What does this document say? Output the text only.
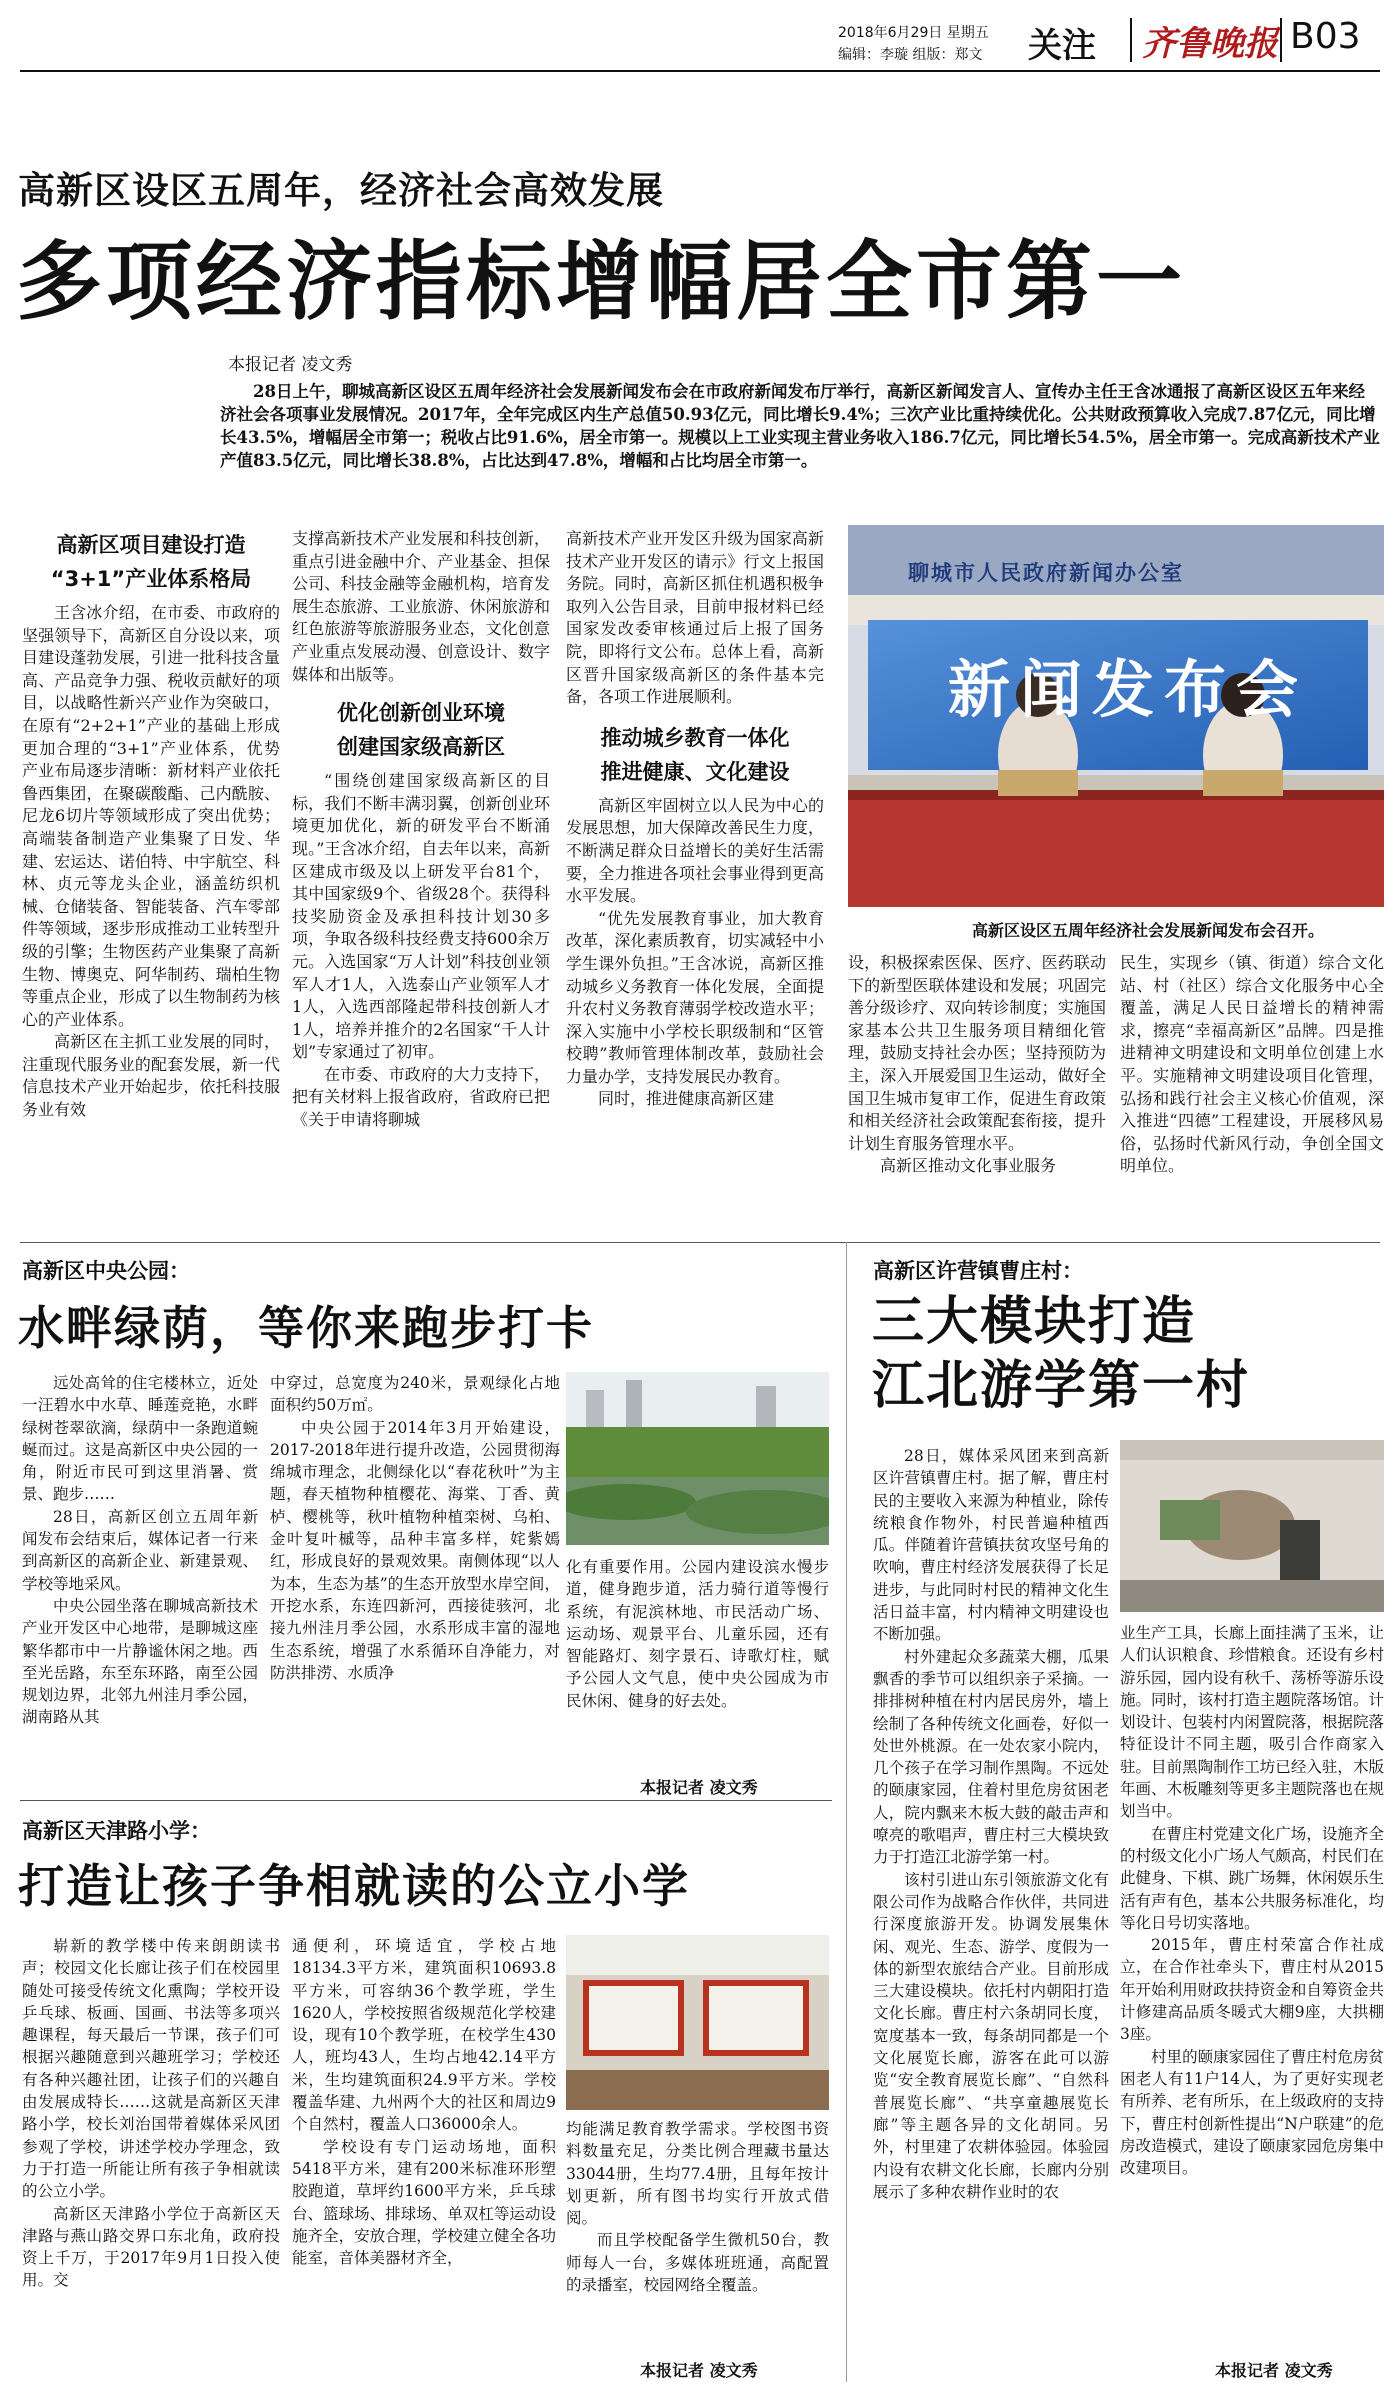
2018年6月29日 星期五
编辑：李璇 组版：郑文 关注 齐鲁晚报 B03
高新区设区五周年，经济社会高效发展
多项经济指标增幅居全市第一
本报记者 凌文秀
28日上午，聊城高新区设区五周年经济社会发展新闻发布会在市政府新闻发布厅举行，高新区新闻发言人、宣传办主任王含冰通报了高新区设区五年来经济社会各项事业发展情况。2017年，全年完成区内生产总值50.93亿元，同比增长9.4%；三次产业比重持续优化。公共财政预算收入完成7.87亿元，同比增长43.5%，增幅居全市第一；税收占比91.6%，居全市第一。规模以上工业实现主营业务收入186.7亿元，同比增长54.5%，居全市第一。完成高新技术产业产值83.5亿元，同比增长38.8%，占比达到47.8%，增幅和占比均居全市第一。
高新区项目建设打造
“3+1”产业体系格局

王含冰介绍，在市委、市政府的坚强领导下，高新区自分设以来，项目建设蓬勃发展，引进一批科技含量高、产品竞争力强、税收贡献好的项目，以战略性新兴产业作为突破口，在原有“2+2+1”产业的基础上形成更加合理的“3+1”产业体系，优势产业布局逐步清晰：新材料产业依托鲁西集团，在聚碳酸酯、己内酰胺、尼龙6切片等领域形成了突出优势；高端装备制造产业集聚了日发、华建、宏运达、诺伯特、中宇航空、科林、贞元等龙头企业，涵盖纺织机械、仓储装备、智能装备、汽车零部件等领域，逐步形成推动工业转型升级的引擎；生物医药产业集聚了高新生物、博奥克、阿华制药、瑞柏生物等重点企业，形成了以生物制药为核心的产业体系。

高新区在主抓工业发展的同时，注重现代服务业的配套发展，新一代信息技术产业开始起步，依托科技服务业有效

支撑高新技术产业发展和科技创新，重点引进金融中介、产业基金、担保公司、科技金融等金融机构，培育发展生态旅游、工业旅游、休闲旅游和红色旅游等旅游服务业态，文化创意产业重点发展动漫、创意设计、数字媒体和出版等。

优化创新创业环境
创建国家级高新区

“围绕创建国家级高新区的目标，我们不断丰满羽翼，创新创业环境更加优化，新的研发平台不断涌现。”王含冰介绍，自去年以来，高新区建成市级及以上研发平台81个，其中国家级9个、省级28个。获得科技奖励资金及承担科技计划30多项，争取各级科技经费支持600余万元。入选国家“万人计划”科技创业领军人才1人，入选泰山产业领军人才1人，入选西部隆起带科技创新人才1人，培养并推介的2名国家“千人计划”专家通过了初审。

在市委、市政府的大力支持下，把有关材料上报省政府，省政府已把《关于申请将聊城

高新技术产业开发区升级为国家高新技术产业开发区的请示》行文上报国务院。同时，高新区抓住机遇积极争取列入公告目录，目前申报材料已经国家发改委审核通过后上报了国务院，即将行文公布。总体上看，高新区晋升国家级高新区的条件基本完备，各项工作进展顺利。

推动城乡教育一体化
推进健康、文化建设

高新区牢固树立以人民为中心的发展思想，加大保障改善民生力度，不断满足群众日益增长的美好生活需要，全力推进各项社会事业得到更高水平发展。

“优先发展教育事业，加大教育改革，深化素质教育，切实减轻中小学生课外负担。”王含冰说，高新区推动城乡义务教育一体化发展，全面提升农村义务教育薄弱学校改造水平；深入实施中小学校长职级制和“区管校聘”教师管理体制改革，鼓励社会力量办学，支持发展民办教育。

同时，推进健康高新区建

聊城市人民政府新闻办公室
新闻发布会
高新区设区五周年经济社会发展新闻发布会召开。

设，积极探索医保、医疗、医药联动下的新型医联体建设和发展；巩固完善分级诊疗、双向转诊制度；实施国家基本公共卫生服务项目精细化管理，鼓励支持社会办医；坚持预防为主，深入开展爱国卫生运动，做好全国卫生城市复审工作，促进生育政策和相关经济社会政策配套衔接，提升计划生育服务管理水平。

高新区推动文化事业服务

民生，实现乡（镇、街道）综合文化站、村（社区）综合文化服务中心全覆盖，满足人民日益增长的精神需求，擦亮“幸福高新区”品牌。四是推进精神文明建设和文明单位创建上水平。实施精神文明建设项目化管理，弘扬和践行社会主义核心价值观，深入推进“四德”工程建设，开展移风易俗，弘扬时代新风行动，争创全国文明单位。

高新区中央公园：
水畔绿荫，等你来跑步打卡

远处高耸的住宅楼林立，近处一汪碧水中水草、睡莲竞艳，水畔绿树苍翠欲滴，绿荫中一条跑道蜿蜒而过。这是高新区中央公园的一角，附近市民可到这里消暑、赏景、跑步……

28日，高新区创立五周年新闻发布会结束后，媒体记者一行来到高新区的高新企业、新建景观、学校等地采风。

中央公园坐落在聊城高新技术产业开发区中心地带，是聊城这座繁华都市中一片静谧休闲之地。西至光岳路，东至东环路，南至公园规划边界，北邻九州洼月季公园，湖南路从其

中穿过，总宽度为240米，景观绿化占地面积约50万㎡。

中央公园于2014年3月开始建设，2017-2018年进行提升改造，公园贯彻海绵城市理念，北侧绿化以“春花秋叶”为主题，春天植物种植樱花、海棠、丁香、黄栌、樱桃等，秋叶植物种植栾树、乌桕、金叶复叶槭等，品种丰富多样，姹紫嫣红，形成良好的景观效果。南侧体现“以人为本，生态为基”的生态开放型水岸空间，开挖水系，东连四新河，西接徒骇河，北接九州洼月季公园，水系形成丰富的湿地生态系统，增强了水系循环自净能力，对防洪排涝、水质净

化有重要作用。公园内建设滨水慢步道，健身跑步道，活力骑行道等慢行系统，有泥滨林地、市民活动广场、运动场、观景平台、儿童乐园，还有智能路灯、刻字景石、诗歌灯柱，赋予公园人文气息，使中央公园成为市民休闲、健身的好去处。

本报记者 凌文秀
高新区天津路小学：
打造让孩子争相就读的公立小学

崭新的教学楼中传来朗朗读书声；校园文化长廊让孩子们在校园里随处可接受传统文化熏陶；学校开设乒乓球、板画、国画、书法等多项兴趣课程，每天最后一节课，孩子们可根据兴趣随意到兴趣班学习；学校还有各种兴趣社团，让孩子们的兴趣自由发展成特长……这就是高新区天津路小学，校长刘治国带着媒体采风团参观了学校，讲述学校办学理念，致力于打造一所能让所有孩子争相就读的公立小学。

高新区天津路小学位于高新区天津路与燕山路交界口东北角，政府投资上千万，于2017年9月1日投入使用。交

通便利，环境适宜，学校占地18134.3平方米，建筑面积10693.8平方米，可容纳36个教学班，学生1620人，学校按照省级规范化学校建设，现有10个教学班，在校学生430人，班均43人，生均占地42.14平方米，生均建筑面积24.9平方米。学校覆盖华建、九州两个大的社区和周边9个自然村，覆盖人口36000余人。

学校设有专门运动场地，面积5418平方米，建有200米标准环形塑胶跑道，草坪约1600平方米，乒乓球台、篮球场、排球场、单双杠等运动设施齐全，安放合理，学校建立健全各功能室，音体美器材齐全，

均能满足教育教学需求。学校图书资料数量充足，分类比例合理藏书量达33044册，生均77.4册，且每年按计划更新，所有图书均实行开放式借阅。

而且学校配备学生微机50台，教师每人一台，多媒体班班通，高配置的录播室，校园网络全覆盖。

本报记者 凌文秀
高新区许营镇曹庄村：
三大模块打造
江北游学第一村

28日，媒体采风团来到高新区许营镇曹庄村。据了解，曹庄村民的主要收入来源为种植业，除传统粮食作物外，村民普遍种植西瓜。伴随着许营镇扶贫攻坚号角的吹响，曹庄村经济发展获得了长足进步，与此同时村民的精神文化生活日益丰富，村内精神文明建设也不断加强。

村外建起众多蔬菜大棚，瓜果飘香的季节可以组织亲子采摘。一排排树种植在村内居民房外，墙上绘制了各种传统文化画卷，好似一处世外桃源。在一处农家小院内，几个孩子在学习制作黑陶。不远处的颐康家园，住着村里危房贫困老人，院内飘来木板大鼓的敲击声和嘹亮的歌唱声，曹庄村三大模块致力于打造江北游学第一村。

该村引进山东引领旅游文化有限公司作为战略合作伙伴，共同进行深度旅游开发。协调发展集休闲、观光、生态、游学、度假为一体的新型农旅结合产业。目前形成三大建设模块。依托村内朝阳打造文化长廊。曹庄村六条胡同长度，宽度基本一致，每条胡同都是一个文化展览长廊，游客在此可以游览“安全教育展览长廊”、“自然科普展览长廊”、“共享童趣展览长廊”等主题各异的文化胡同。另外，村里建了农耕体验园。体验园内设有农耕文化长廊，长廊内分别展示了多种农耕作业时的农

业生产工具，长廊上面挂满了玉米，让人们认识粮食、珍惜粮食。还设有乡村游乐园，园内设有秋千、荡桥等游乐设施。同时，该村打造主题院落场馆。计划设计、包装村内闲置院落，根据院落特征设计不同主题，吸引合作商家入驻。目前黑陶制作工坊已经入驻，木版年画、木板雕刻等更多主题院落也在规划当中。

在曹庄村党建文化广场，设施齐全的村级文化小广场人气颇高，村民们在此健身、下棋、跳广场舞，休闲娱乐生活有声有色，基本公共服务标准化，均等化日号切实落地。

2015年，曹庄村荣富合作社成立，在合作社牵头下，曹庄村从2015年开始利用财政扶持资金和自筹资金共计修建高品质冬暖式大棚9座，大拱棚3座。

村里的颐康家园住了曹庄村危房贫困老人有11户14人，为了更好实现老有所养、老有所乐，在上级政府的支持下，曹庄村创新性提出“N户联建”的危房改造模式，建设了颐康家园危房集中改建项目。

本报记者 凌文秀
